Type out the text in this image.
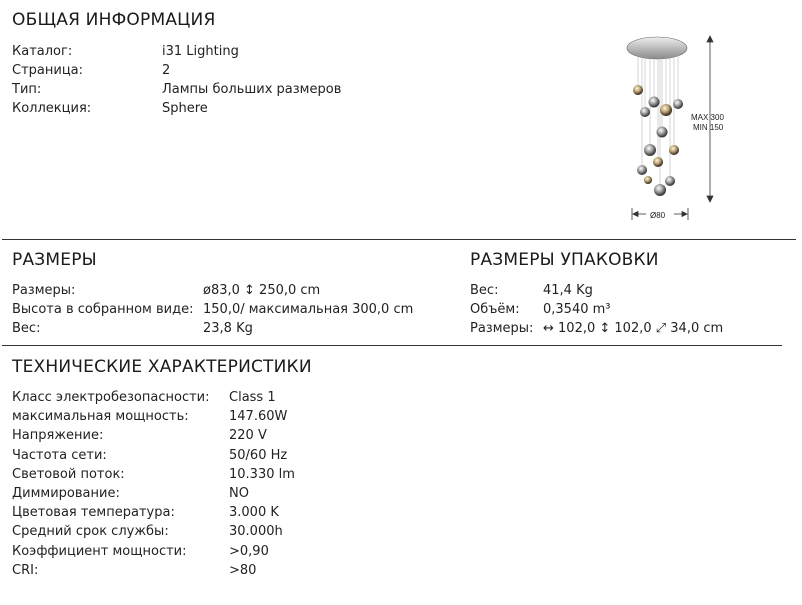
ОБЩАЯ ИНФОРМАЦИЯ
Каталог:	i31 Lighting
Страница:	2
Тип:	Лампы больших размеров
Коллекция:	Sphere
MAX 300
MIN 150
Ø80
РАЗМЕРЫ
Размеры:	ø83,0 ↕ 250,0 cm
Высота в собранном виде: 150,0/ максимальная 300,0 cm
Вес:	23,8 Kg
РАЗМЕРЫ УПАКОВКИ
Вес:	41,4 Kg
Объём: 0,3540 m³
Размеры: ↔ 102,0 ↕ 102,0 ⤢ 34,0 cm
ТЕХНИЧЕСКИЕ ХАРАКТЕРИСТИКИ
Класс электробезопасности: Class 1
максимальная мощность:	147.60W
Напряжение:	220 V
Частота сети:	50/60 Hz
Световой поток:	10.330 lm
Диммирование:	NO
Цветовая температура:	3.000 K
Средний срок службы:	30.000h
Коэффициент мощности:	>0,90
CRI:	>80
